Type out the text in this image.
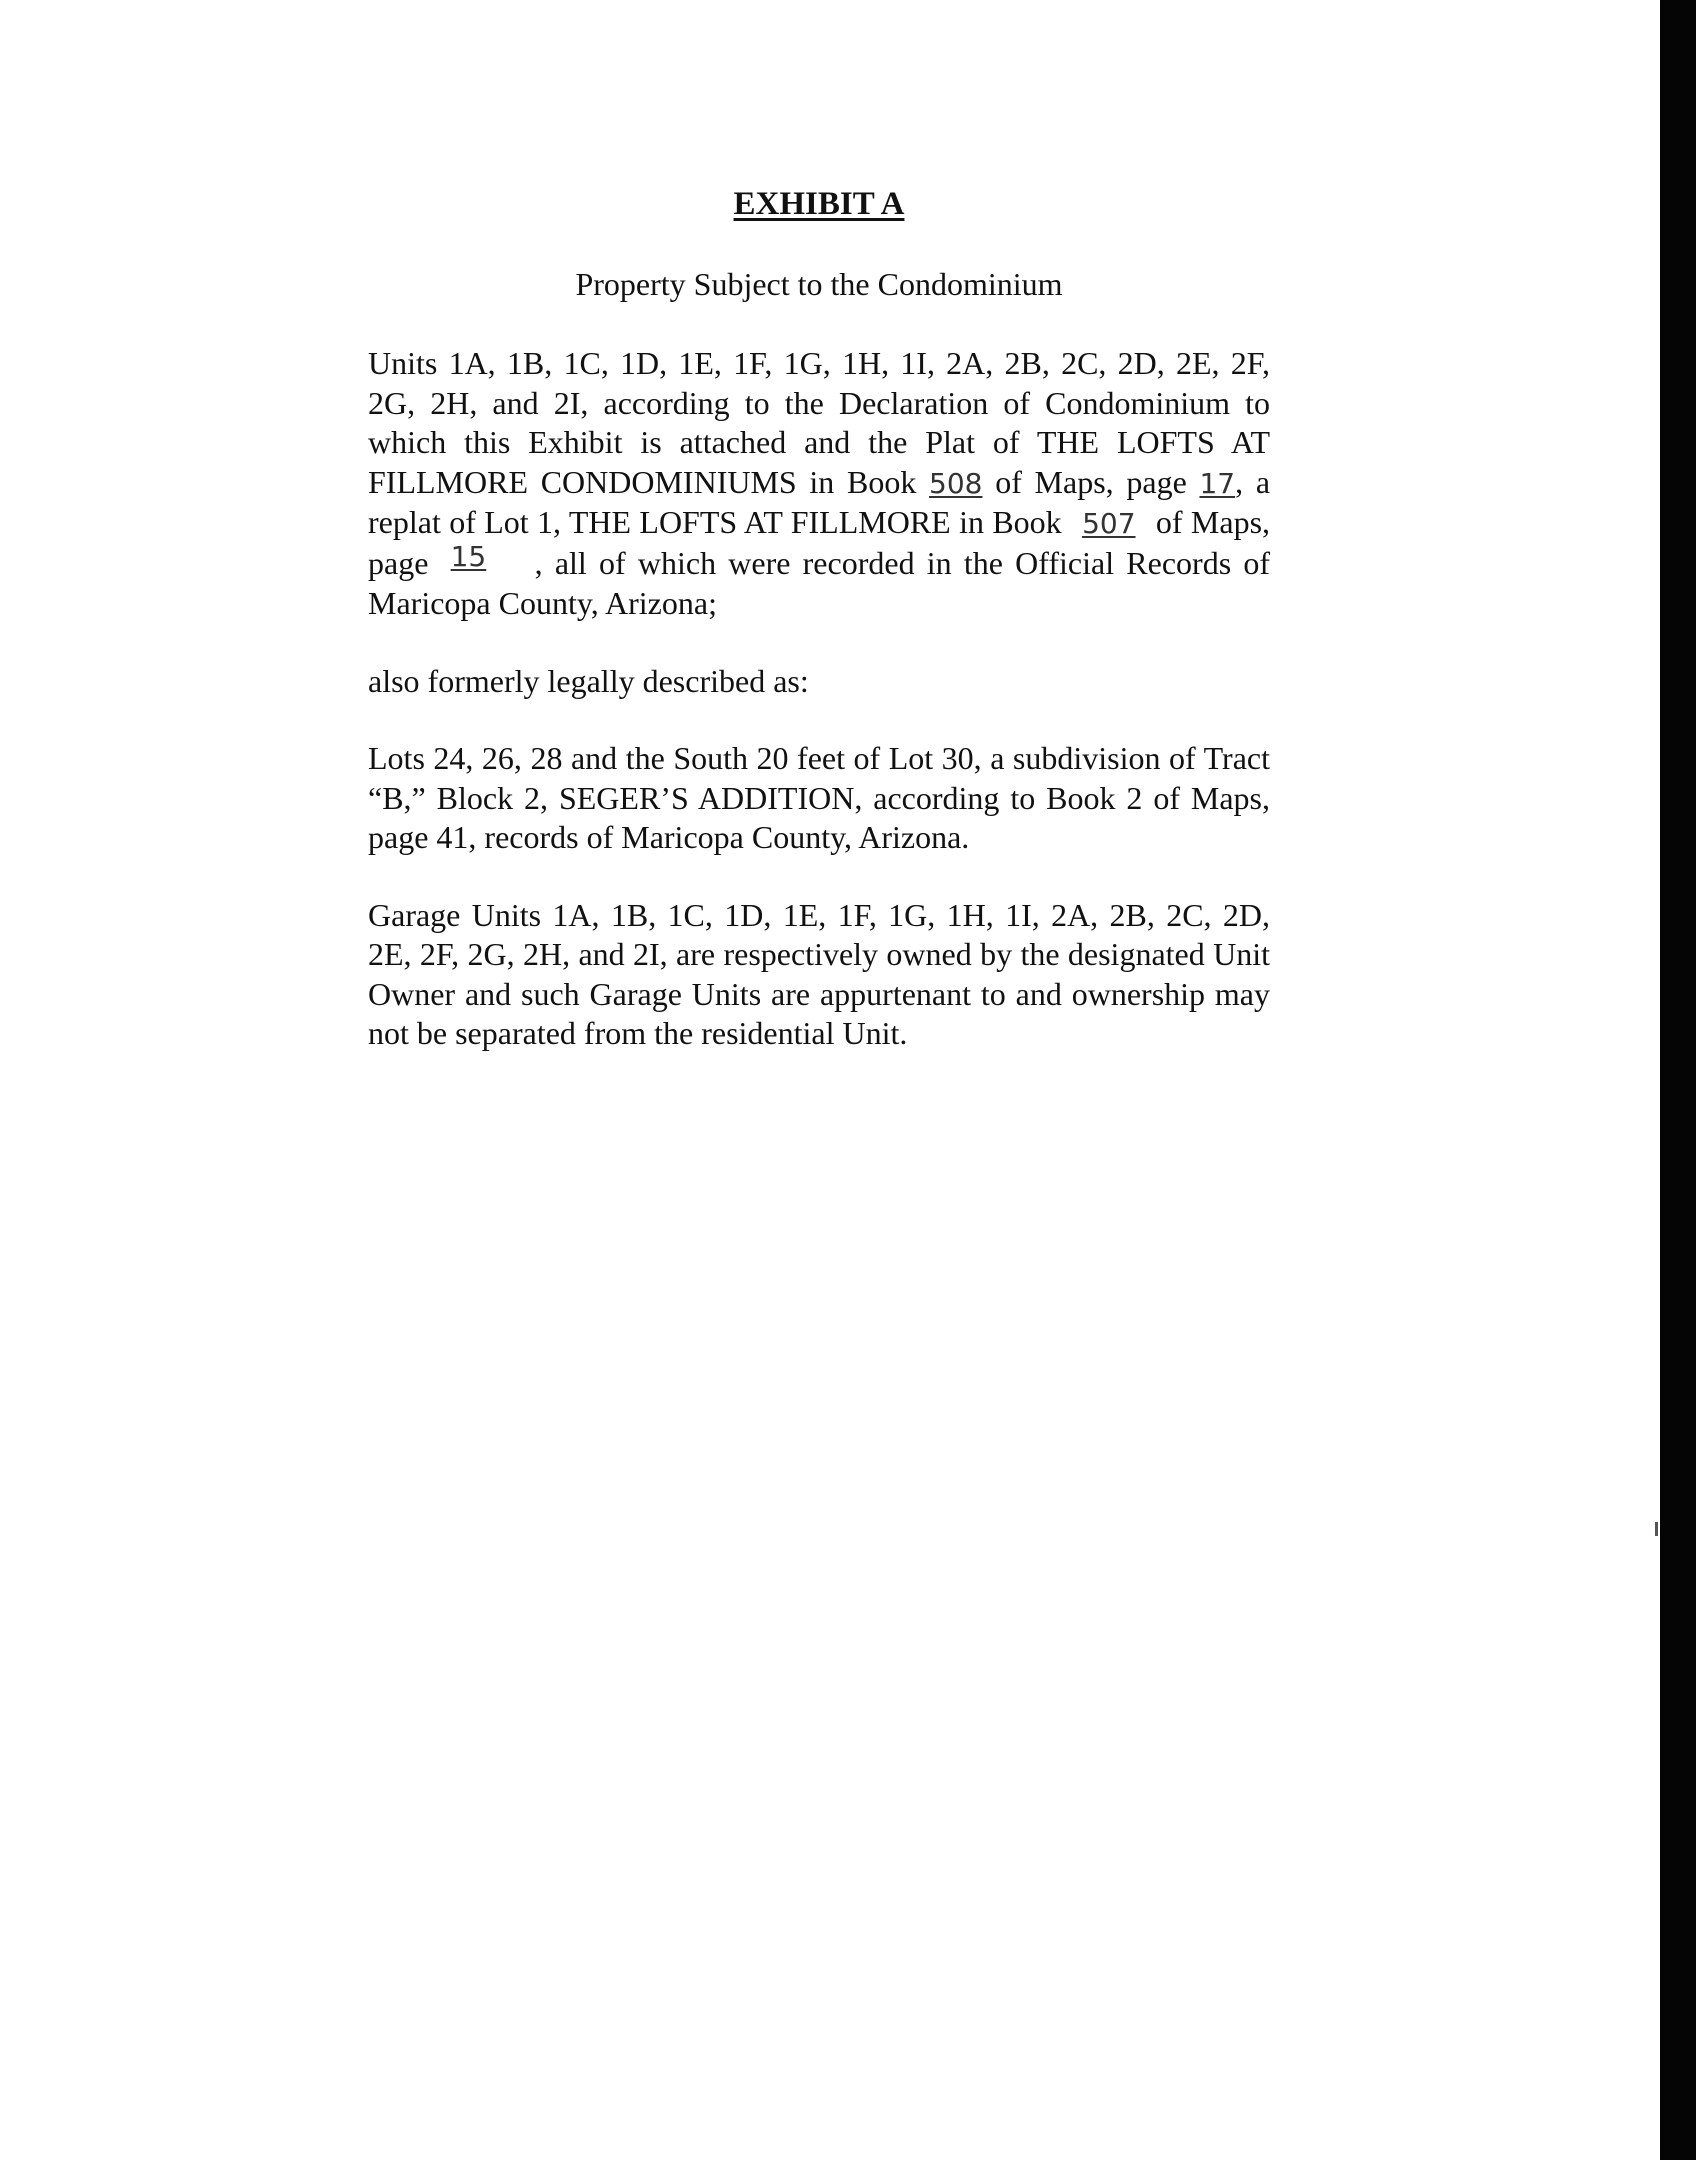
EXHIBIT A
Property Subject to the Condominium

Units 1A, 1B, 1C, 1D, 1E, 1F, 1G, 1H, 1I, 2A, 2B, 2C, 2D, 2E, 2F, 2G, 2H, and 2I, according to the Declaration of Condominium to which this Exhibit is attached and the Plat of THE LOFTS AT FILLMORE CONDOMINIUMS in Book 508 of Maps, page 17, a replat of Lot 1, THE LOFTS AT FILLMORE in Book 507 of Maps, page 15 , all of which were recorded in the Official Records of Maricopa County, Arizona;

also formerly legally described as:

Lots 24, 26, 28 and the South 20 feet of Lot 30, a subdivision of Tract “B,” Block 2, SEGER’S ADDITION, according to Book 2 of Maps, page 41, records of Maricopa County, Arizona.

Garage Units 1A, 1B, 1C, 1D, 1E, 1F, 1G, 1H, 1I, 2A, 2B, 2C, 2D, 2E, 2F, 2G, 2H, and 2I, are respectively owned by the designated Unit Owner and such Garage Units are appurtenant to and ownership may not be separated from the residential Unit.
